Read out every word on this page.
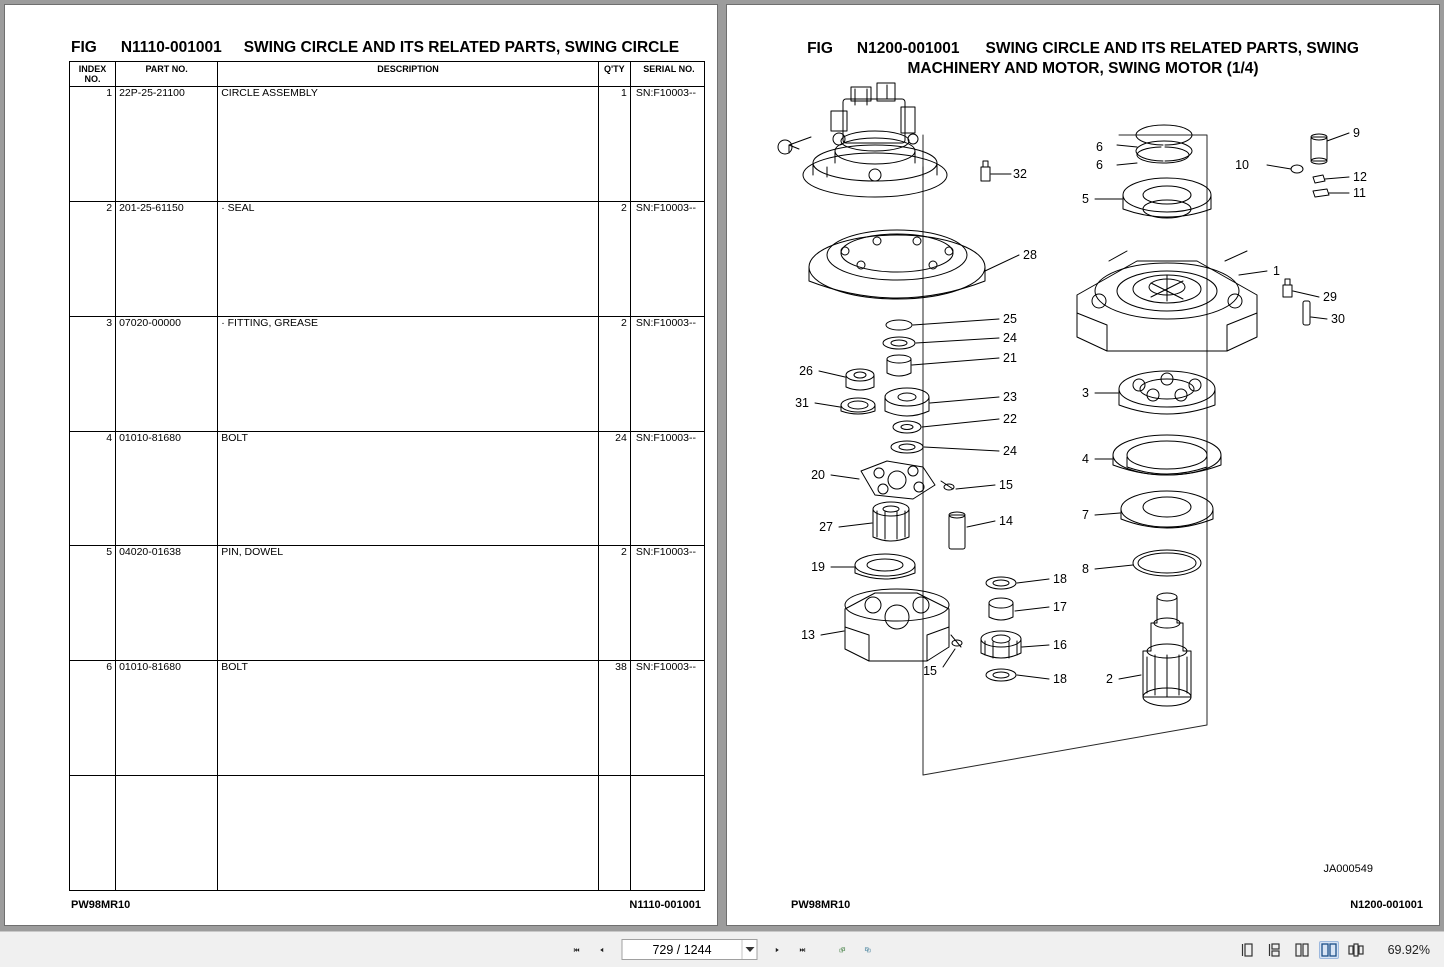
FIG N1110-001001 SWING CIRCLE AND ITS RELATED PARTS, SWING CIRCLE
INDEX
NO.	PART NO.	DESCRIPTION	Q'TY	SERIAL NO.
1	22P-25-21100	CIRCLE ASSEMBLY	1	SN:F10003--
2	201-25-61150	· SEAL	2	SN:F10003--
3	07020-00000	· FITTING, GREASE	2	SN:F10003--
4	01010-81680	BOLT	24	SN:F10003--
5	04020-01638	PIN, DOWEL	2	SN:F10003--
6	01010-81680	BOLT	38	SN:F10003--

PW98MR10	N1110-001001
FIG N1200-001001 SWING CIRCLE AND ITS RELATED PARTS, SWING
MACHINERY AND MOTOR, SWING MOTOR (1/4)
32
9
6
6	10
12
11
5
1
29
30
28
25
24
21
26
23
31
22
24
3
20
15
4
27	14	7
19
18
8
17
13
16
15
18	2
JA000549
PW98MR10	N1200-001001
729 / 1244	69.92%
